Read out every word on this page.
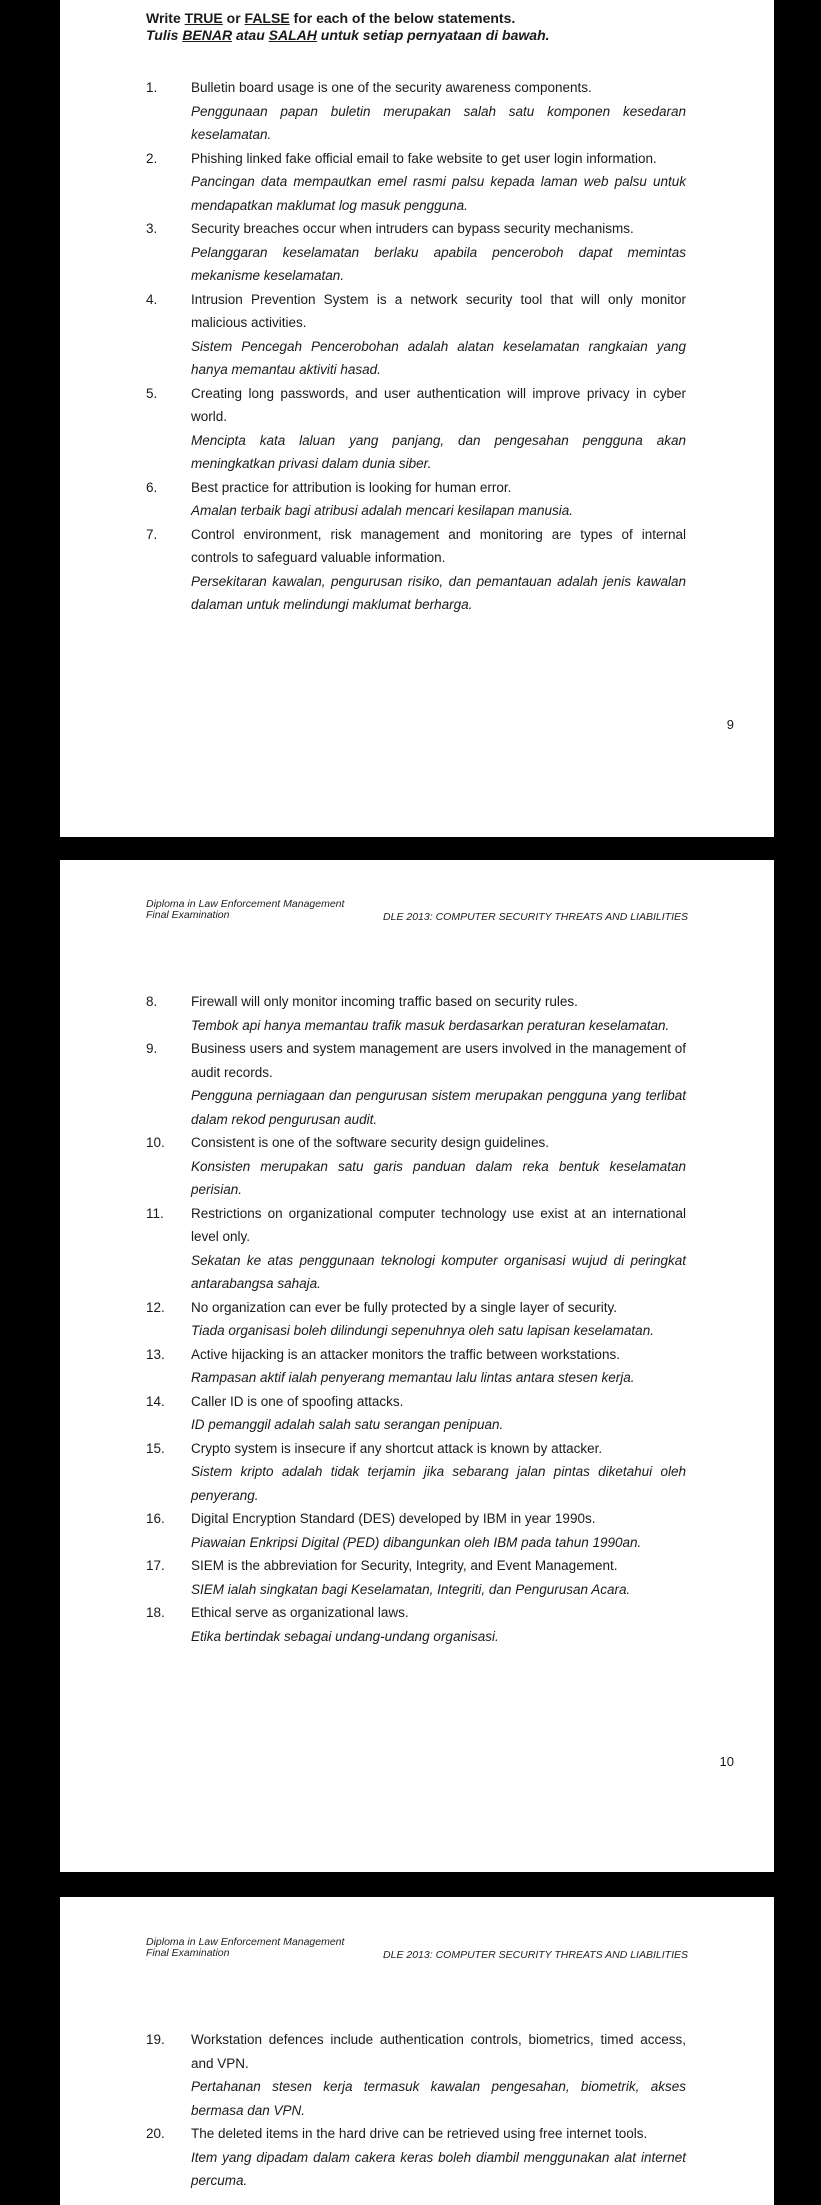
Write TRUE or FALSE for each of the below statements.
Tulis BENAR atau SALAH untuk setiap pernyataan di bawah.
1.	Bulletin board usage is one of the security awareness components.
Penggunaan papan buletin merupakan salah satu komponen kesedaran keselamatan.
2.	Phishing linked fake official email to fake website to get user login information.
Pancingan data mempautkan emel rasmi palsu kepada laman web palsu untuk mendapatkan maklumat log masuk pengguna.
3.	Security breaches occur when intruders can bypass security mechanisms.
Pelanggaran keselamatan berlaku apabila penceroboh dapat memintas mekanisme keselamatan.
4.	Intrusion Prevention System is a network security tool that will only monitor malicious activities.
Sistem Pencegah Pencerobohan adalah alatan keselamatan rangkaian yang hanya memantau aktiviti hasad.
5.	Creating long passwords, and user authentication will improve privacy in cyber world.
Mencipta kata laluan yang panjang, dan pengesahan pengguna akan meningkatkan privasi dalam dunia siber.
6.	Best practice for attribution is looking for human error.
Amalan terbaik bagi atribusi adalah mencari kesilapan manusia.
7.	Control environment, risk management and monitoring are types of internal controls to safeguard valuable information.
Persekitaran kawalan, pengurusan risiko, dan pemantauan adalah jenis kawalan dalaman untuk melindungi maklumat berharga.
9
Diploma in Law Enforcement Management
Final Examination	DLE 2013: COMPUTER SECURITY THREATS AND LIABILITIES
8.	Firewall will only monitor incoming traffic based on security rules.
Tembok api hanya memantau trafik masuk berdasarkan peraturan keselamatan.
9.	Business users and system management are users involved in the management of audit records.
Pengguna perniagaan dan pengurusan sistem merupakan pengguna yang terlibat dalam rekod pengurusan audit.
10.	Consistent is one of the software security design guidelines.
Konsisten merupakan satu garis panduan dalam reka bentuk keselamatan perisian.
11.	Restrictions on organizational computer technology use exist at an international level only.
Sekatan ke atas penggunaan teknologi komputer organisasi wujud di peringkat antarabangsa sahaja.
12.	No organization can ever be fully protected by a single layer of security.
Tiada organisasi boleh dilindungi sepenuhnya oleh satu lapisan keselamatan.
13.	Active hijacking is an attacker monitors the traffic between workstations.
Rampasan aktif ialah penyerang memantau lalu lintas antara stesen kerja.
14.	Caller ID is one of spoofing attacks.
ID pemanggil adalah salah satu serangan penipuan.
15.	Crypto system is insecure if any shortcut attack is known by attacker.
Sistem kripto adalah tidak terjamin jika sebarang jalan pintas diketahui oleh penyerang.
16.	Digital Encryption Standard (DES) developed by IBM in year 1990s.
Piawaian Enkripsi Digital (PED) dibangunkan oleh IBM pada tahun 1990an.
17.	SIEM is the abbreviation for Security, Integrity, and Event Management.
SIEM ialah singkatan bagi Keselamatan, Integriti, dan Pengurusan Acara.
18.	Ethical serve as organizational laws.
Etika bertindak sebagai undang-undang organisasi.
10
Diploma in Law Enforcement Management
Final Examination	DLE 2013: COMPUTER SECURITY THREATS AND LIABILITIES
19.	Workstation defences include authentication controls, biometrics, timed access, and VPN.
Pertahanan stesen kerja termasuk kawalan pengesahan, biometrik, akses bermasa dan VPN.
20.	The deleted items in the hard drive can be retrieved using free internet tools.
Item yang dipadam dalam cakera keras boleh diambil menggunakan alat internet percuma.
